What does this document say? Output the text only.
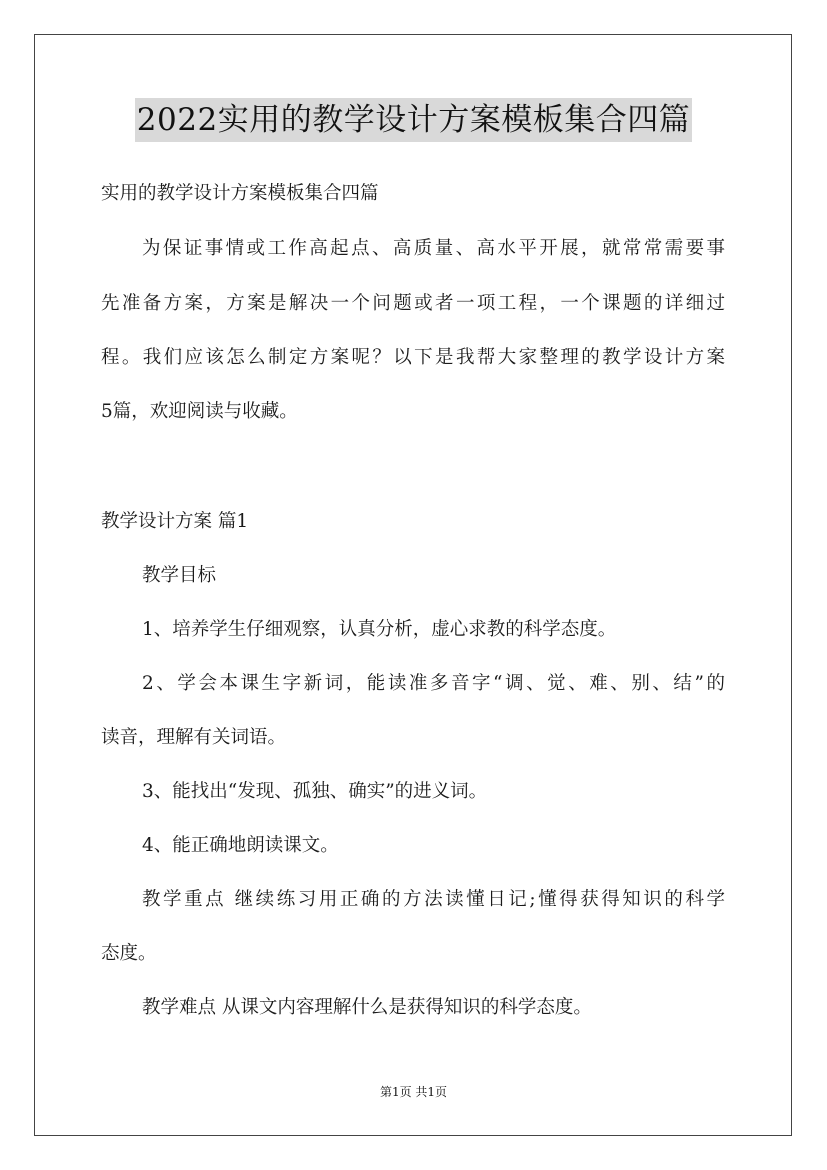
2022实用的教学设计方案模板集合四篇
实用的教学设计方案模板集合四篇
为保证事情或工作高起点、高质量、高水平开展，就常常需要事
先准备方案，方案是解决一个问题或者一项工程，一个课题的详细过
程。我们应该怎么制定方案呢？以下是我帮大家整理的教学设计方案
5篇，欢迎阅读与收藏。
教学设计方案 篇1
教学目标
1、培养学生仔细观察，认真分析，虚心求教的科学态度。
2、学会本课生字新词，能读准多音字“调、觉、难、别、结”的
读音，理解有关词语。
3、能找出“发现、孤独、确实”的进义词。
4、能正确地朗读课文。
教学重点 继续练习用正确的方法读懂日记;懂得获得知识的科学
态度。
教学难点 从课文内容理解什么是获得知识的科学态度。
第1页 共1页
